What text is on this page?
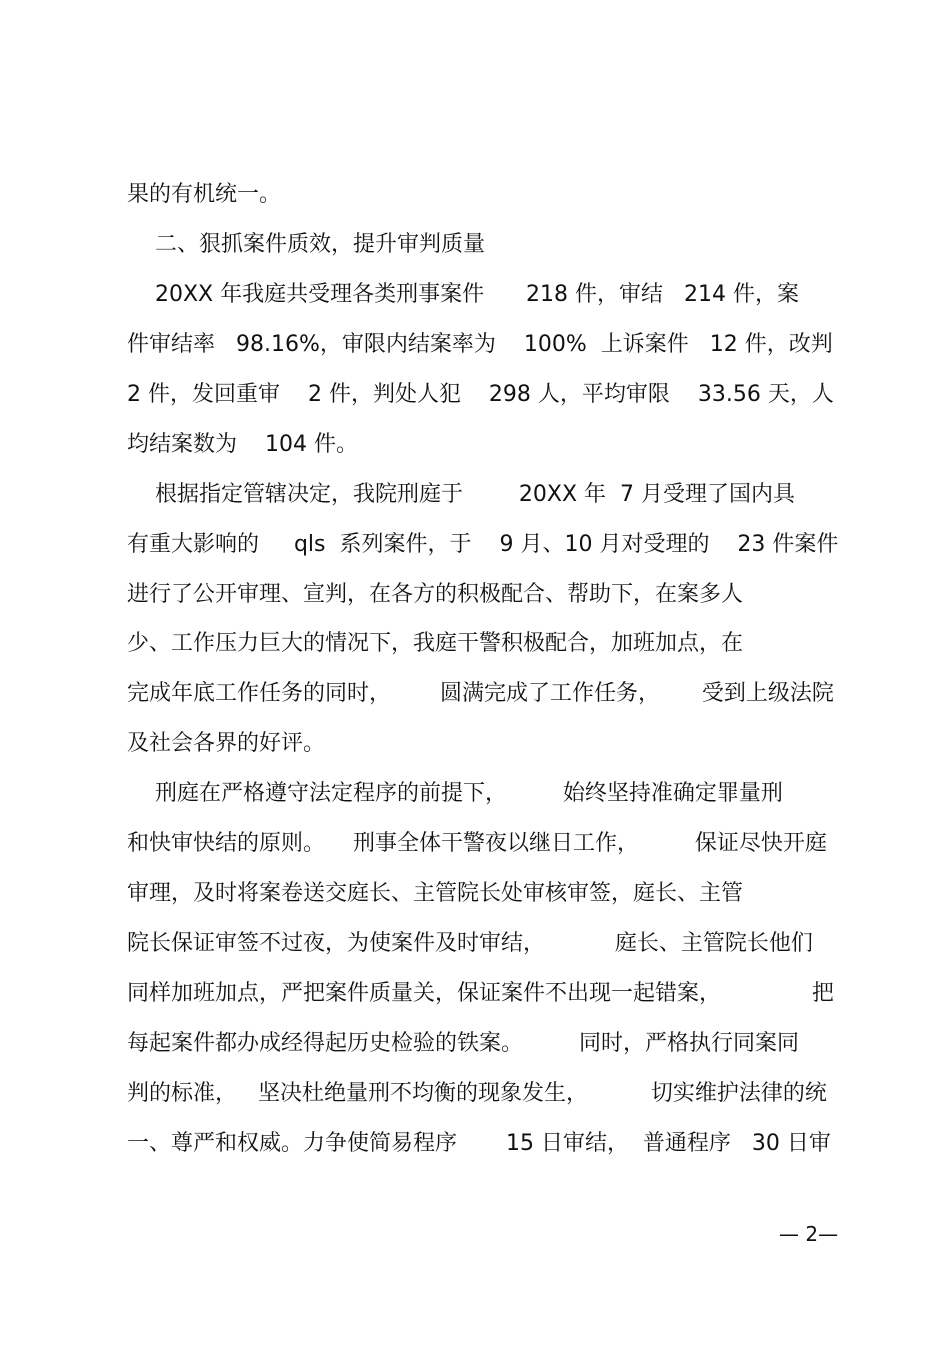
果的有机统一。
二、狠抓案件质效，提升审判质量
20XX 年我庭共受理各类刑事案件      218 件，审结   214 件，案
件审结率   98.16%，审限内结案率为    100%  上诉案件   12 件，改判
2 件，发回重审    2 件，判处人犯    298 人，平均审限    33.56 天，人
均结案数为    104 件。
根据指定管辖决定，我院刑庭于        20XX 年  7 月受理了国内具
有重大影响的     qls  系列案件，于    9 月、10 月对受理的    23 件案件
进行了公开审理、宣判，在各方的积极配合、帮助下，在案多人
少、工作压力巨大的情况下，我庭干警积极配合，加班加点，在
完成年底工作任务的同时，       圆满完成了工作任务，      受到上级法院
及社会各界的好评。
刑庭在严格遵守法定程序的前提下，        始终坚持准确定罪量刑
和快审快结的原则。    刑事全体干警夜以继日工作，        保证尽快开庭
审理，及时将案卷送交庭长、主管院长处审核审签，庭长、主管
院长保证审签不过夜，为使案件及时审结，          庭长、主管院长他们
同样加班加点，严把案件质量关，保证案件不出现一起错案，             把
每起案件都办成经得起历史检验的铁案。        同时，严格执行同案同
判的标准，   坚决杜绝量刑不均衡的现象发生，         切实维护法律的统
一、尊严和权威。力争使简易程序       15 日审结，  普通程序   30 日审
— 2—
